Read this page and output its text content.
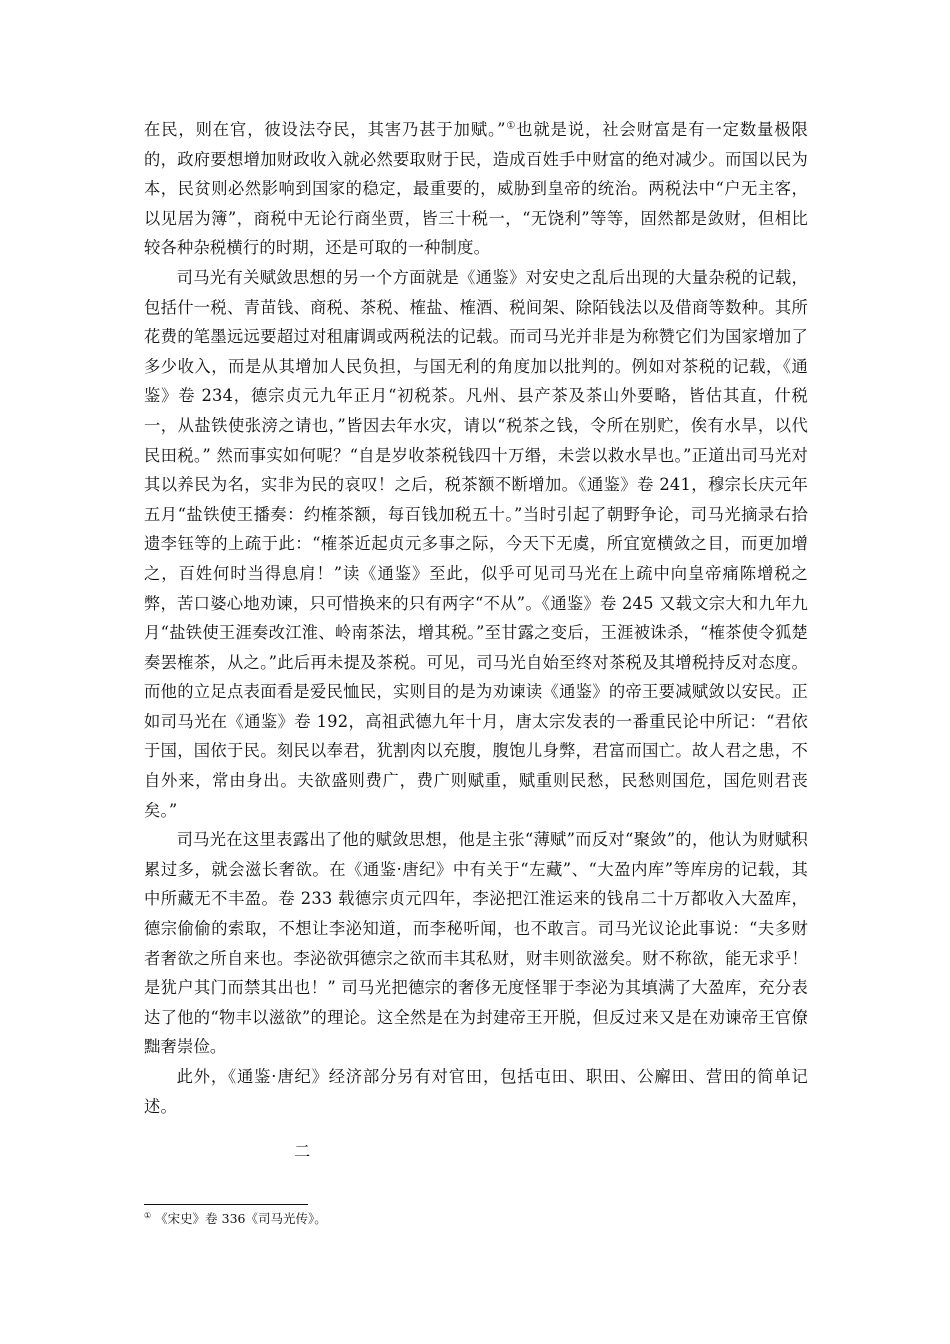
在民，则在官，彼设法夺民，其害乃甚于加赋。”①也就是说，社会财富是有一定数量极限的，政府要想增加财政收入就必然要取财于民，造成百姓手中财富的绝对减少。而国以民为本，民贫则必然影响到国家的稳定，最重要的，威胁到皇帝的统治。两税法中“户无主客，以见居为簿”，商税中无论行商坐贾，皆三十税一，“无饶利”等等，固然都是敛财，但相比较各种杂税横行的时期，还是可取的一种制度。

司马光有关赋敛思想的另一个方面就是《通鉴》对安史之乱后出现的大量杂税的记载，包括什一税、青苗钱、商税、茶税、榷盐、榷酒、税间架、除陌钱法以及借商等数种。其所花费的笔墨远远要超过对租庸调或两税法的记载。而司马光并非是为称赞它们为国家增加了多少收入，而是从其增加人民负担，与国无利的角度加以批判的。例如对茶税的记载，《通鉴》卷 234，德宗贞元九年正月“初税茶。凡州、县产茶及茶山外要略，皆估其直，什税一，从盐铁使张滂之请也，”皆因去年水灾，请以“税茶之钱，令所在别贮，俟有水旱，以代民田税。” 然而事实如何呢？“自是岁收茶税钱四十万缗，未尝以救水旱也。”正道出司马光对其以养民为名，实非为民的哀叹！之后，税茶额不断增加。《通鉴》卷 241，穆宗长庆元年五月“盐铁使王播奏：约榷茶额，每百钱加税五十。”当时引起了朝野争论，司马光摘录右拾遗李钰等的上疏于此：“榷茶近起贞元多事之际，今天下无虞，所宜宽横敛之目，而更加增之，百姓何时当得息肩！”读《通鉴》至此，似乎可见司马光在上疏中向皇帝痛陈增税之弊，苦口婆心地劝谏，只可惜换来的只有两字“不从”。《通鉴》卷 245 又载文宗大和九年九月“盐铁使王涯奏改江淮、岭南茶法，增其税。”至甘露之变后，王涯被诛杀，“榷茶使令狐楚奏罢榷茶，从之。”此后再未提及茶税。可见，司马光自始至终对茶税及其增税持反对态度。而他的立足点表面看是爱民恤民，实则目的是为劝谏读《通鉴》的帝王要减赋敛以安民。正如司马光在《通鉴》卷 192，高祖武德九年十月，唐太宗发表的一番重民论中所记：“君依于国，国依于民。刻民以奉君，犹割肉以充腹，腹饱儿身弊，君富而国亡。故人君之患，不自外来，常由身出。夫欲盛则费广，费广则赋重，赋重则民愁，民愁则国危，国危则君丧矣。”

司马光在这里表露出了他的赋敛思想，他是主张“薄赋”而反对“聚敛”的，他认为财赋积累过多，就会滋长奢欲。在《通鉴·唐纪》中有关于“左藏”、“大盈内库”等库房的记载，其中所藏无不丰盈。卷 233 载德宗贞元四年，李泌把江淮运来的钱帛二十万都收入大盈库，德宗偷偷的索取，不想让李泌知道，而李秘听闻，也不敢言。司马光议论此事说：“夫多财者奢欲之所自来也。李泌欲弭德宗之欲而丰其私财，财丰则欲滋矣。财不称欲，能无求乎！是犹户其门而禁其出也！” 司马光把德宗的奢侈无度怪罪于李泌为其填满了大盈库，充分表达了他的“物丰以滋欲”的理论。这全然是在为封建帝王开脱，但反过来又是在劝谏帝王官僚黜奢崇俭。

此外，《通鉴·唐纪》经济部分另有对官田，包括屯田、职田、公廨田、营田的简单记述。

二

① 《宋史》卷 336《司马光传》。
